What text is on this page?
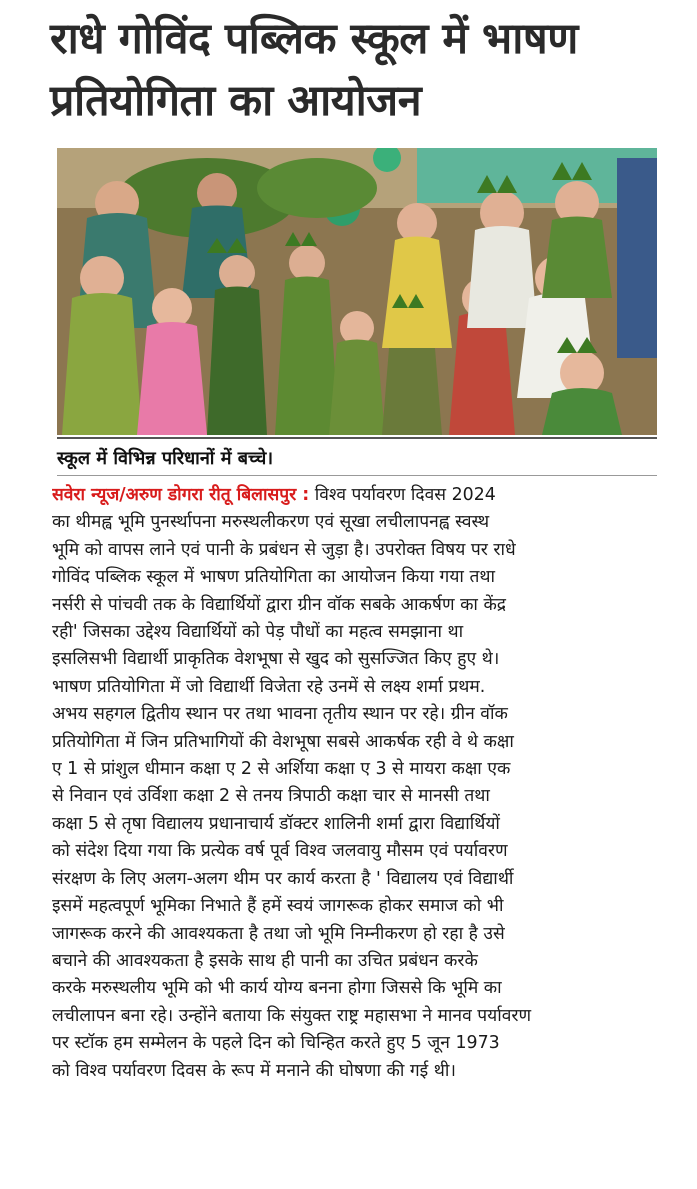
राधे गोविंद पब्लिक स्कूल में भाषण
प्रतियोगिता का आयोजन
स्कूल में विभिन्न परिधानों में बच्चे।
सवेरा न्यूज/अरुण डोगरा रीतू बिलासपुर : विश्व पर्यावरण दिवस 2024
का थीमह्व भूमि पुनर्स्थापना मरुस्थलीकरण एवं सूखा लचीलापनह्व स्वस्थ
भूमि को वापस लाने एवं पानी के प्रबंधन से जुड़ा है। उपरोक्त विषय पर राधे
गोविंद पब्लिक स्कूल में भाषण प्रतियोगिता का आयोजन किया गया तथा
नर्सरी से पांचवी तक के विद्यार्थियों द्वारा ग्रीन वॉक सबके आकर्षण का केंद्र
रही' जिसका उद्देश्य विद्यार्थियों को पेड़ पौधों का महत्व समझाना था
इसलिसभी विद्यार्थी प्राकृतिक वेशभूषा से खुद को सुसज्जित किए हुए थे।
भाषण प्रतियोगिता में जो विद्यार्थी विजेता रहे उनमें से लक्ष्य शर्मा प्रथम.
अभय सहगल द्वितीय स्थान पर तथा भावना तृतीय स्थान पर रहे। ग्रीन वॉक
प्रतियोगिता में जिन प्रतिभागियों की वेशभूषा सबसे आकर्षक रही वे थे कक्षा
ए 1 से प्रांशुल धीमान कक्षा ए 2 से अर्शिया कक्षा ए 3 से मायरा कक्षा एक
से निवान एवं उर्विशा कक्षा 2 से तनय त्रिपाठी कक्षा चार से मानसी तथा
कक्षा 5 से तृषा विद्यालय प्रधानाचार्य डॉक्टर शालिनी शर्मा द्वारा विद्यार्थियों
को संदेश दिया गया कि प्रत्येक वर्ष पूर्व विश्व जलवायु मौसम एवं पर्यावरण
संरक्षण के लिए अलग-अलग थीम पर कार्य करता है ' विद्यालय एवं विद्यार्थी
इसमें महत्वपूर्ण भूमिका निभाते हैं हमें स्वयं जागरूक होकर समाज को भी
जागरूक करने की आवश्यकता है तथा जो भूमि निम्नीकरण हो रहा है उसे
बचाने की आवश्यकता है इसके साथ ही पानी का उचित प्रबंधन करके
करके मरुस्थलीय भूमि को भी कार्य योग्य बनना होगा जिससे कि भूमि का
लचीलापन बना रहे। उन्होंने बताया कि संयुक्त राष्ट्र महासभा ने मानव पर्यावरण
पर स्टॉक हम सम्मेलन के पहले दिन को चिन्हित करते हुए 5 जून 1973
को विश्व पर्यावरण दिवस के रूप में मनाने की घोषणा की गई थी।
